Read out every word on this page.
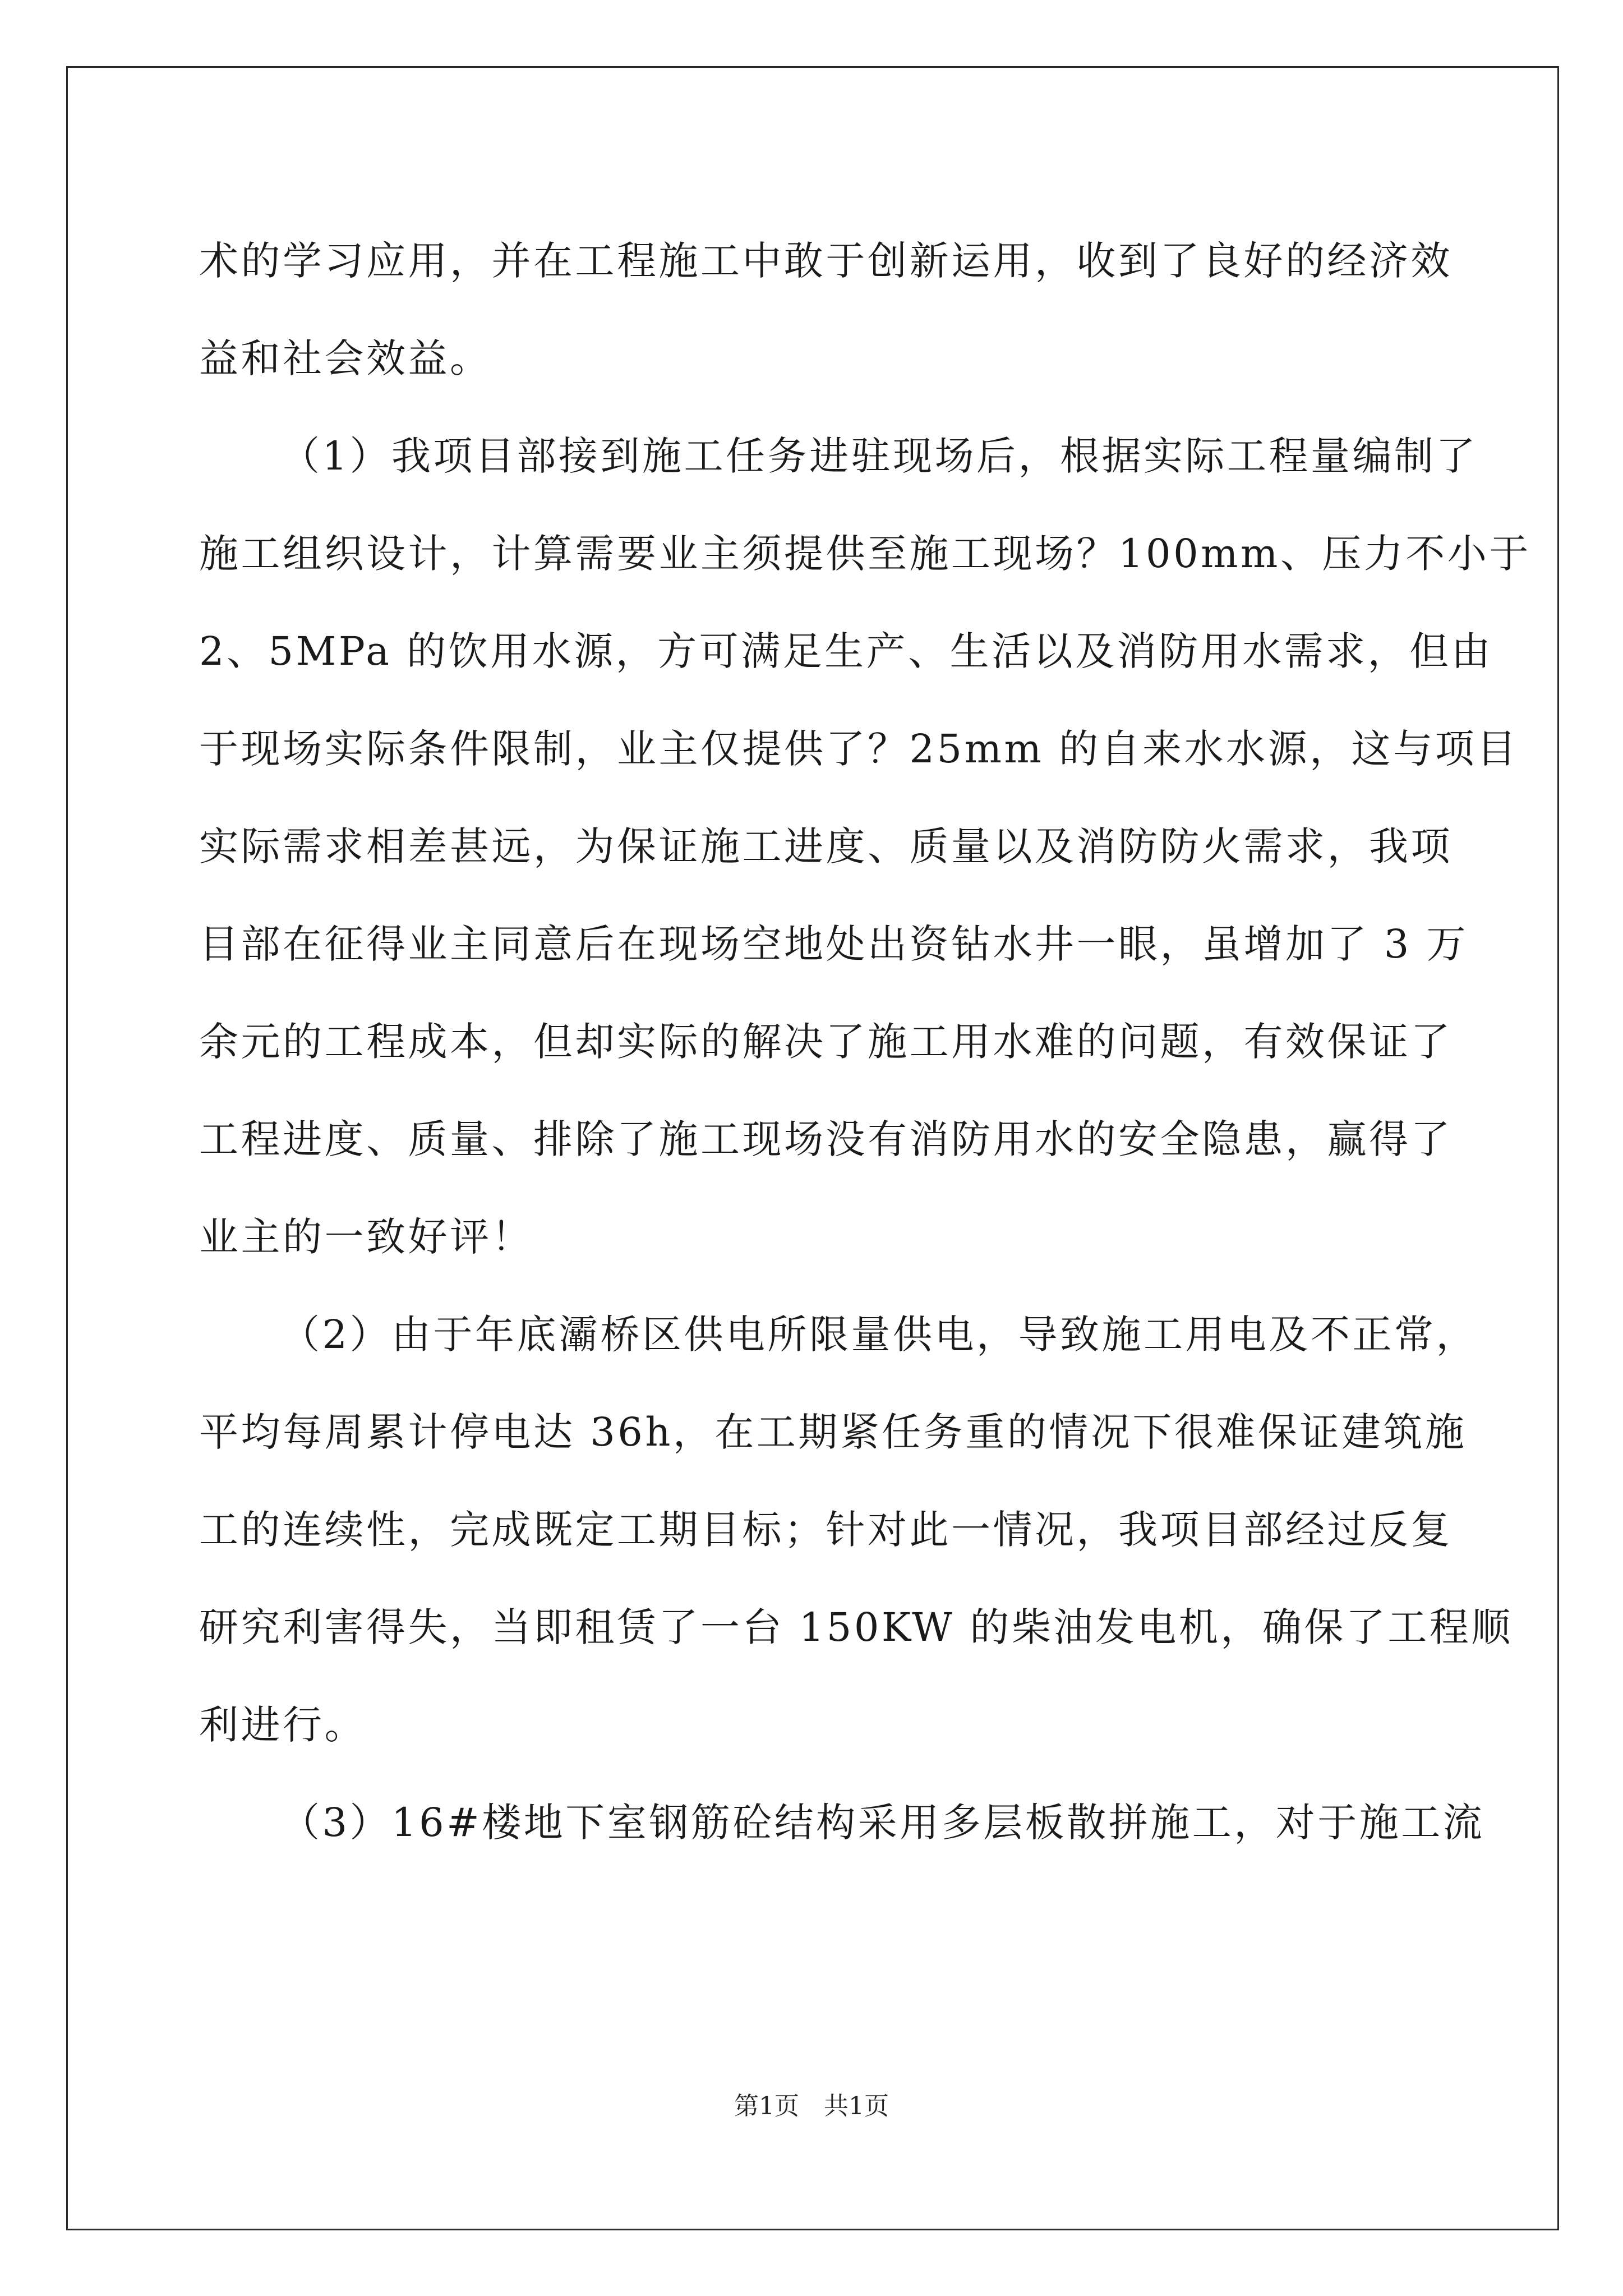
术的学习应用，并在工程施工中敢于创新运用，收到了良好的经济效
益和社会效益。
（1）我项目部接到施工任务进驻现场后，根据实际工程量编制了
施工组织设计，计算需要业主须提供至施工现场？100mm、压力不小于
2、5MPa 的饮用水源，方可满足生产、生活以及消防用水需求，但由
于现场实际条件限制，业主仅提供了？25mm 的自来水水源，这与项目
实际需求相差甚远，为保证施工进度、质量以及消防防火需求，我项
目部在征得业主同意后在现场空地处出资钻水井一眼，虽增加了 3 万
余元的工程成本，但却实际的解决了施工用水难的问题，有效保证了
工程进度、质量、排除了施工现场没有消防用水的安全隐患，赢得了
业主的一致好评！
（2）由于年底灞桥区供电所限量供电，导致施工用电及不正常，
平均每周累计停电达 36h，在工期紧任务重的情况下很难保证建筑施
工的连续性，完成既定工期目标；针对此一情况，我项目部经过反复
研究利害得失，当即租赁了一台 150KW 的柴油发电机，确保了工程顺
利进行。
（3）16#楼地下室钢筋砼结构采用多层板散拼施工，对于施工流
第1页　共1页
